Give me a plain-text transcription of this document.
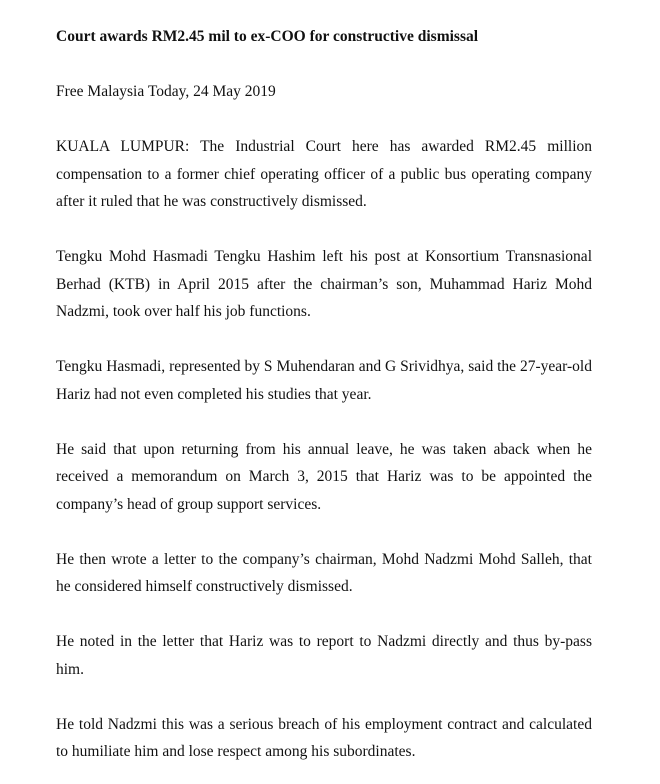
Court awards RM2.45 mil to ex-COO for constructive dismissal

Free Malaysia Today, 24 May 2019

KUALA LUMPUR: The Industrial Court here has awarded RM2.45 million compensation to a former chief operating officer of a public bus operating company after it ruled that he was constructively dismissed.

Tengku Mohd Hasmadi Tengku Hashim left his post at Konsortium Transnasional Berhad (KTB) in April 2015 after the chairman’s son, Muhammad Hariz Mohd Nadzmi, took over half his job functions.

Tengku Hasmadi, represented by S Muhendaran and G Srividhya, said the 27-year-old Hariz had not even completed his studies that year.

He said that upon returning from his annual leave, he was taken aback when he received a memorandum on March 3, 2015 that Hariz was to be appointed the company’s head of group support services.

He then wrote a letter to the company’s chairman, Mohd Nadzmi Mohd Salleh, that he considered himself constructively dismissed.

He noted in the letter that Hariz was to report to Nadzmi directly and thus by-pass him.

He told Nadzmi this was a serious breach of his employment contract and calculated to humiliate him and lose respect among his subordinates.
